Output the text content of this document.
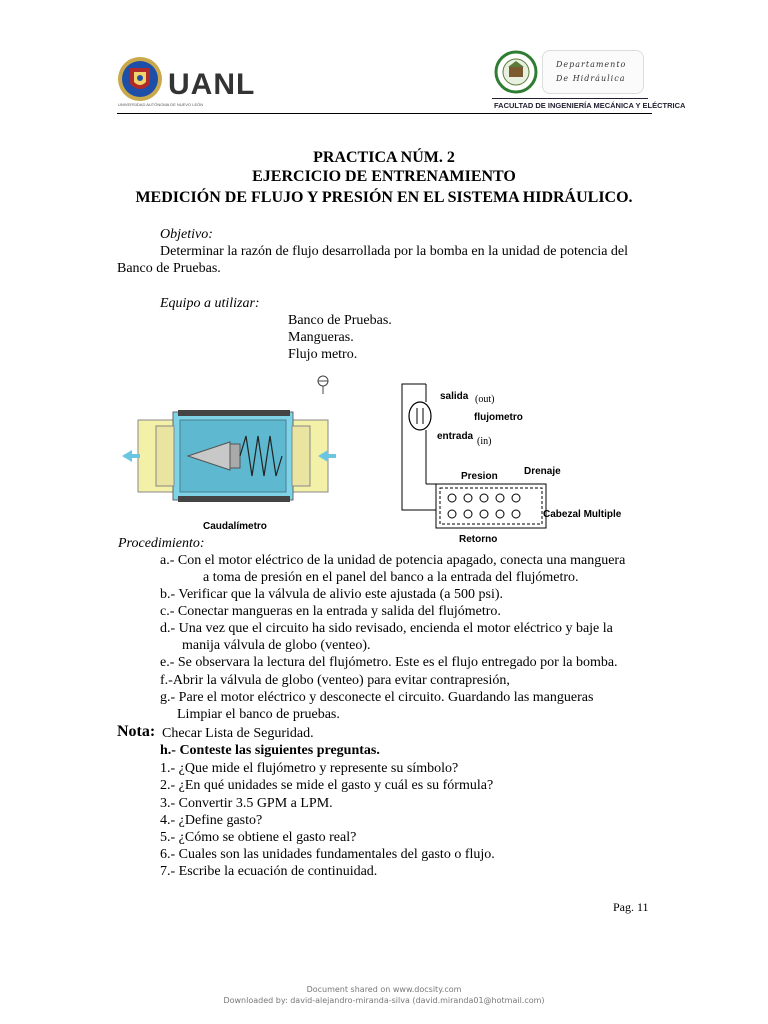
UANL
UNIVERSIDAD AUTÓNOMA DE NUEVO LEÓN
Departamento
De Hidráulica
FACULTAD DE INGENIERÍA MECÁNICA Y ELÉCTRICA
PRACTICA NÚM. 2
EJERCICIO DE ENTRENAMIENTO
MEDICIÓN DE FLUJO Y PRESIÓN EN EL SISTEMA HIDRÁULICO.
Objetivo:
Determinar la razón de flujo desarrollada por la bomba en la unidad de potencia del
Banco de Pruebas.
Equipo a utilizar:
Banco de Pruebas.
Mangueras.
Flujo metro.
Caudalímetro
salida (out)
flujometro
entrada (in)
Presion	Drenaje
Cabezal Multiple
Retorno
Procedimiento:
a.- Con el motor eléctrico de la unidad de potencia apagado, conecta una manguera
a toma de presión en el panel del banco a la entrada del flujómetro.
b.- Verificar que la válvula de alivio este ajustada (a 500 psi).
c.- Conectar mangueras en la entrada y salida del flujómetro.
d.- Una vez que el circuito ha sido revisado, encienda el motor eléctrico y baje la
manija válvula de globo (venteo).
e.- Se observara la lectura del flujómetro. Este es el flujo entregado por la bomba.
f.-Abrir la válvula de globo (venteo) para evitar contrapresión,
g.- Pare el motor eléctrico y desconecte el circuito. Guardando las mangueras
Limpiar el banco de pruebas.
Nota: Checar Lista de Seguridad.
h.- Conteste las siguientes preguntas.
1.- ¿Que mide el flujómetro y represente su símbolo?
2.- ¿En qué unidades se mide el gasto y cuál es su fórmula?
3.- Convertir 3.5 GPM a LPM.
4.- ¿Define gasto?
5.- ¿Cómo se obtiene el gasto real?
6.- Cuales son las unidades fundamentales del gasto o flujo.
7.- Escribe la ecuación de continuidad.
Pag. 11
Document shared on www.docsity.com
Downloaded by: david-alejandro-miranda-silva (david.miranda01@hotmail.com)
